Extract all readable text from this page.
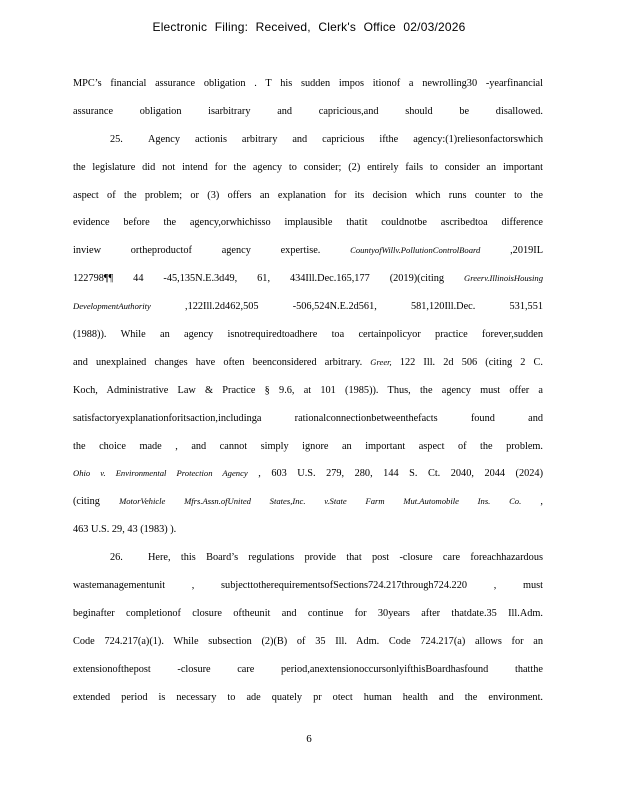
Electronic Filing: Received, Clerk's Office 02/03/2026
MPC’s financial assurance obligation . T his sudden impos itionof a newrolling30 -yearfinancial
assurance obligation isarbitrary and capricious,and should be disallowed.
25. Agency actionis arbitrary and capricious ifthe agency:(1)reliesonfactorswhich
the legislature did not intend for the agency to consider; (2) entirely fails to consider an important
aspect of the problem; or (3) offers an explanation for its decision which runs counter to the
evidence before the agency,orwhichisso implausible thatit couldnotbe ascribedtoa difference
inview ortheproductof agency expertise. CountyofWillv.PollutionControlBoard ,2019IL
122798¶¶ 44 -45,135N.E.3d49, 61, 434Ill.Dec.165,177 (2019)(citing Greerv.IllinoisHousing
DevelopmentAuthority ,122Ill.2d462,505 -506,524N.E.2d561, 581,120Ill.Dec. 531,551
(1988)). While an agency isnotrequiredtoadhere toa certainpolicyor practice forever,sudden
and unexplained changes have often beenconsidered arbitrary. Greer, 122 Ill. 2d 506 (citing 2 C.
Koch, Administrative Law & Practice § 9.6, at 101 (1985)). Thus, the agency must offer a
satisfactoryexplanationforitsaction,includinga rationalconnectionbetweenthefacts found and
the choice made , and cannot simply ignore an important aspect of the problem.
Ohio v. Environmental Protection Agency , 603 U.S. 279, 280, 144 S. Ct. 2040, 2044 (2024)
(citing MotorVehicle Mfrs.Assn.ofUnited States,Inc. v.State Farm Mut.Automobile Ins. Co. ,
463 U.S. 29, 43 (1983) ).
26. Here, this Board’s regulations provide that post -closure care foreachhazardous
wastemanagementunit , subjecttotherequirementsofSections724.217through724.220 , must
beginafter completionof closure oftheunit and continue for 30years after thatdate.35 Ill.Adm.
Code 724.217(a)(1). While subsection (2)(B) of 35 Ill. Adm. Code 724.217(a) allows for an
extensionofthepost -closure care period,anextensionoccursonlyifthisBoardhasfound thatthe
extended period is necessary to ade quately pr otect human health and the environment.
6
